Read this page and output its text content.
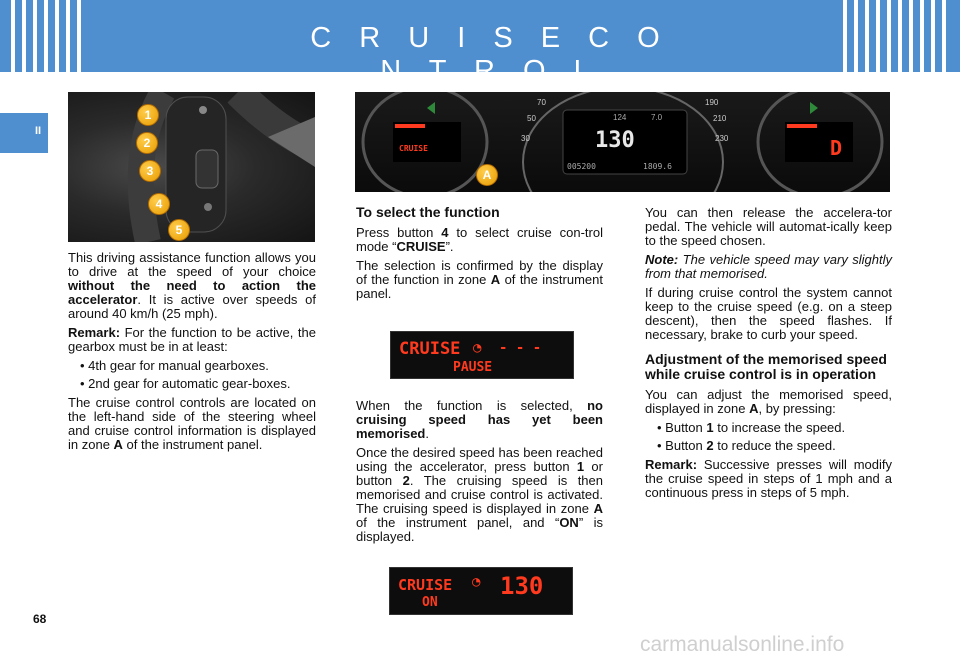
C R U I S E C O N T R O L
II
1
2
3
4
5
CRUISE	130
124	7.0
005200	1809.6
D
30
50
70	190
210
230
A
CRUISE ◔ - - -
PAUSE
CRUISE
ON
◔ 130

This driving assistance function allows you to drive at the speed of your choice without the need to action the accelerator. It is active over speeds of around 40 km/h (25 mph).

Remark: For the function to be active, the gearbox must be in at least:

• 4th gear for manual gearboxes.
• 2nd gear for automatic gear-boxes.

The cruise control controls are located on the left-hand side of the steering wheel and cruise control information is displayed in zone A of the instrument panel.

To select the function

Press button 4 to select cruise con-trol mode “CRUISE”.

The selection is confirmed by the display of the function in zone A of the instrument panel.

When the function is selected, no cruising speed has yet been memorised.

Once the desired speed has been reached using the accelerator, press button 1 or button 2. The cruising speed is then memorised and cruise control is activated. The cruising speed is displayed in zone A of the instrument panel, and “ON” is displayed.

You can then release the accelera-tor pedal. The vehicle will automat-ically keep to the speed chosen.

Note: The vehicle speed may vary slightly from that memorised.

If during cruise control the system cannot keep to the cruise speed (e.g. on a steep descent), then the speed flashes. If necessary, brake to curb your speed.

Adjustment of the memorised speed while cruise control is in operation

You can adjust the memorised speed, displayed in zone A, by pressing:

• Button 1 to increase the speed.
• Button 2 to reduce the speed.

Remark: Successive presses will modify the cruise speed in steps of 1 mph and a continuous press in steps of 5 mph.

68
carmanualsonline.info
